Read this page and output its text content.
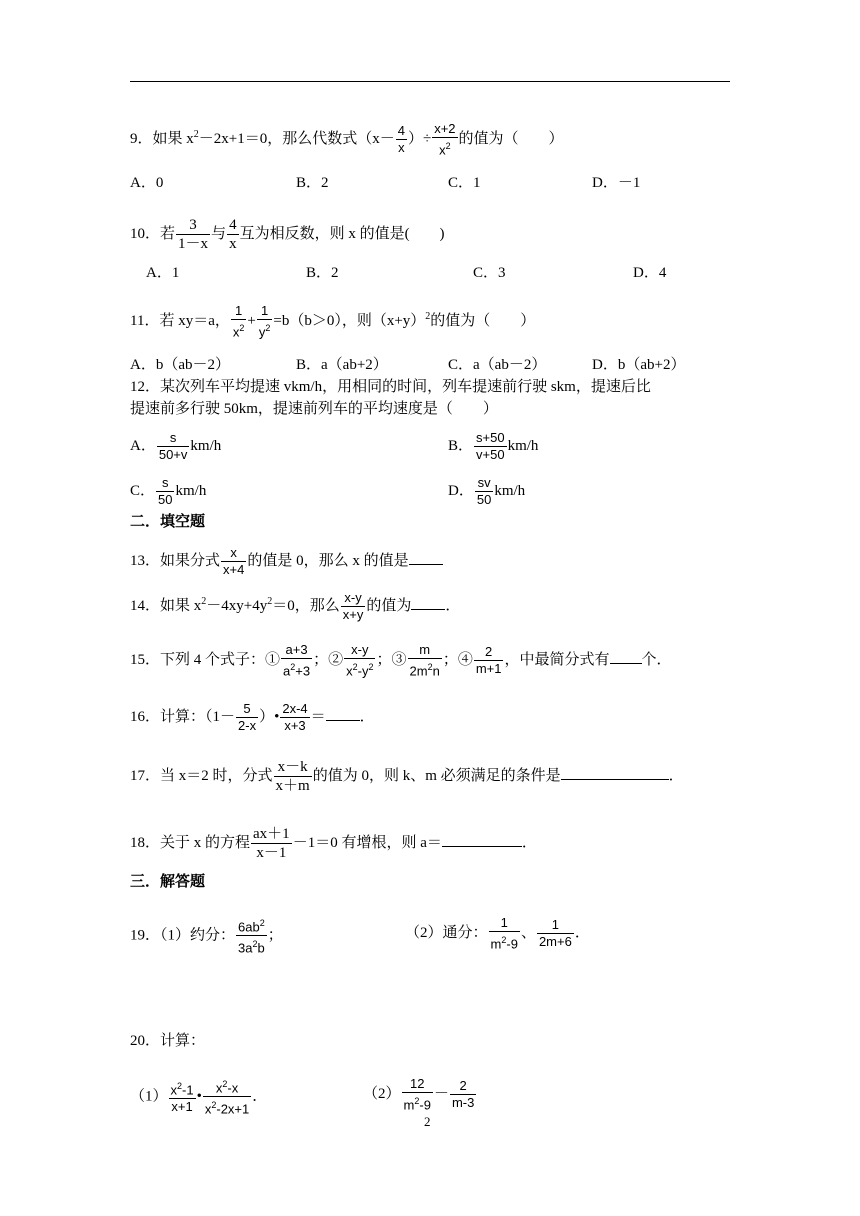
9．如果 $x^2-2x+1=0$，那么代数式（$x- \frac{4}{x}$ ）÷ $\frac{x+2}{x^2}$ 的值为（　　）
A．0	B．2	C．1	D．－1
10．若 $\frac{3}{1-x}$ 与 $\frac{4}{x}$ 互为相反数，则 x 的值是(　　)
A．1	B．2	C．3	D．4
11．若 xy＝a， $\frac{1}{x^2} + \frac{1}{y^2} =b(b>0)$，则$(x+y)^2$的值为（　　）
A．b（ab－2）	B．a（ab+2）	C．a（ab－2）	D．b（ab+2）
12．某次列车平均提速 vkm/h，用相同的时间，列车提速前行驶 skm，提速后比
提速前多行驶 50km，提速前列车的平均速度是（　　）
A． $\frac{s}{50+v} km/h$	B． $\frac{s+50}{v+50} km/h$
C． $\frac{s}{50} km/h$	D． $\frac{sv}{50} km/h$
二．填空题
13．如果分式 $\frac{x}{x+4}$ 的值是 0，那么 x 的值是
14．如果 $x^2-4xy+4y^2=0$，那么 $\frac{x-y}{x+y}$ 的值为 ．
15．下列 4 个式子：① $\frac{a+3}{a^2+3}$ ；② $\frac{x-y}{x^2-y^2}$ ；③ $\frac{m}{2m^2n}$ ；④ $\frac{2}{m+1}$ ，中最简分式有 个．
16．计算：（$1- \frac{5}{2-x}$ ）• $\frac{2x-4}{x+3}$ ＝ ．
17．当 x＝2 时，分式 $\frac{x-k}{x+m}$ 的值为 0，则 k、m 必须满足的条件是	．
18．关于 x 的方程 $\frac{ax+1}{x-1} -1=0$ 有增根，则 a＝	．
三．解答题
19．（1）约分： $\frac{6ab^2}{3a^2b}$ ；	（2）通分： $\frac{1}{m^2-9}$ 、 $\frac{1}{2m+6}$ ．
20．计算：
$(1) \frac{x^2-1}{x+1}$ • $\frac{x^2-x}{x^2-2x+1}$ ．	$(2) \frac{12}{m^2-9} - \frac{2}{m-3}$
2
